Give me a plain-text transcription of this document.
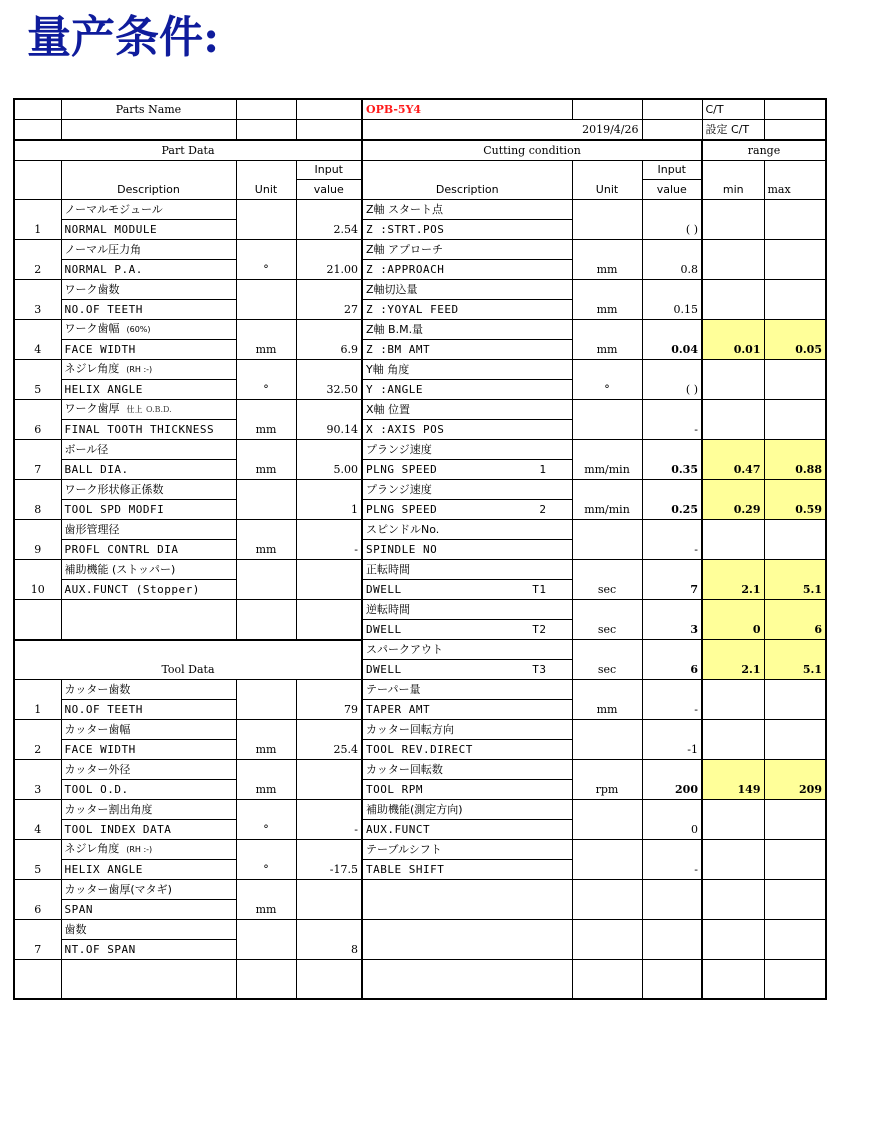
量产条件:
	Parts Name			OPB-5Y4			C/T	
				2019/4/26			設定 C/T	
Part Data				Cutting condition			range	
	Description	Unit	Input	Description	Unit	Input	min	max
			value			value		
1	ノーマルモジュール		2.54	Z軸 スタート点		( )		
	NORMAL MODULE			Z :STRT.POS				
2	ノーマル圧力角	°	21.00	Z軸 アプローチ	mm	0.8		
	NORMAL P.A.			Z :APPROACH				
3	ワーク歯数		27	Z軸切込量	mm	0.15		
	NO.OF TEETH			Z :YOYAL FEED				
4	ワーク歯幅 (60%)	mm	6.9	Z軸 B.M.量	mm	0.04	0.01	0.05
	FACE WIDTH			Z :BM AMT				
5	ネジレ角度 (RH :-)	°	32.50	Y軸 角度	°	( )		
	HELIX ANGLE			Y :ANGLE				
6	ワーク歯厚 仕上 O.B.D.	mm	90.14	X軸 位置		-		
	FINAL TOOTH THICKNESS			X :AXIS POS				
7	ボール径	mm	5.00	プランジ速度	mm/min	0.35	0.47	0.88
	BALL DIA.			PLNG SPEED 1				

8	ワーク形状修正係数		1	プランジ速度	mm/min	0.25	0.29	0.59
	TOOL SPD MODFI			PLNG SPEED 2				

9	歯形管理径	mm	-	スピンドルNo.		-		
	PROFL CONTRL DIA			SPINDLE NO				
10	補助機能 (ストッパー)			正転時間	sec	7	2.1	5.1
	AUX.FUNCT (Stopper)			DWELL T1				

				逆転時間	sec	3	0	6
				DWELL T2				

Tool Data				スパークアウト	sec	6	2.1	5.1
				DWELL T3				

1	カッター歯数		79	テーパー量	mm	-		
	NO.OF TEETH			TAPER AMT				
2	カッター歯幅	mm	25.4	カッター回転方向		-1		
	FACE WIDTH			TOOL REV.DIRECT				
3	カッター外径	mm		カッター回転数	rpm	200	149	209
	TOOL O.D.			TOOL RPM				
4	カッター割出角度	°	-	補助機能(測定方向)		0		
	TOOL INDEX DATA			AUX.FUNCT				
5	ネジレ角度 (RH :-)	°	-17.5	テーブルシフト		-		
	HELIX ANGLE			TABLE SHIFT				
6	カッター歯厚(マタギ)	mm						
	SPAN							
7	歯数		8					
	NT.OF SPAN							
